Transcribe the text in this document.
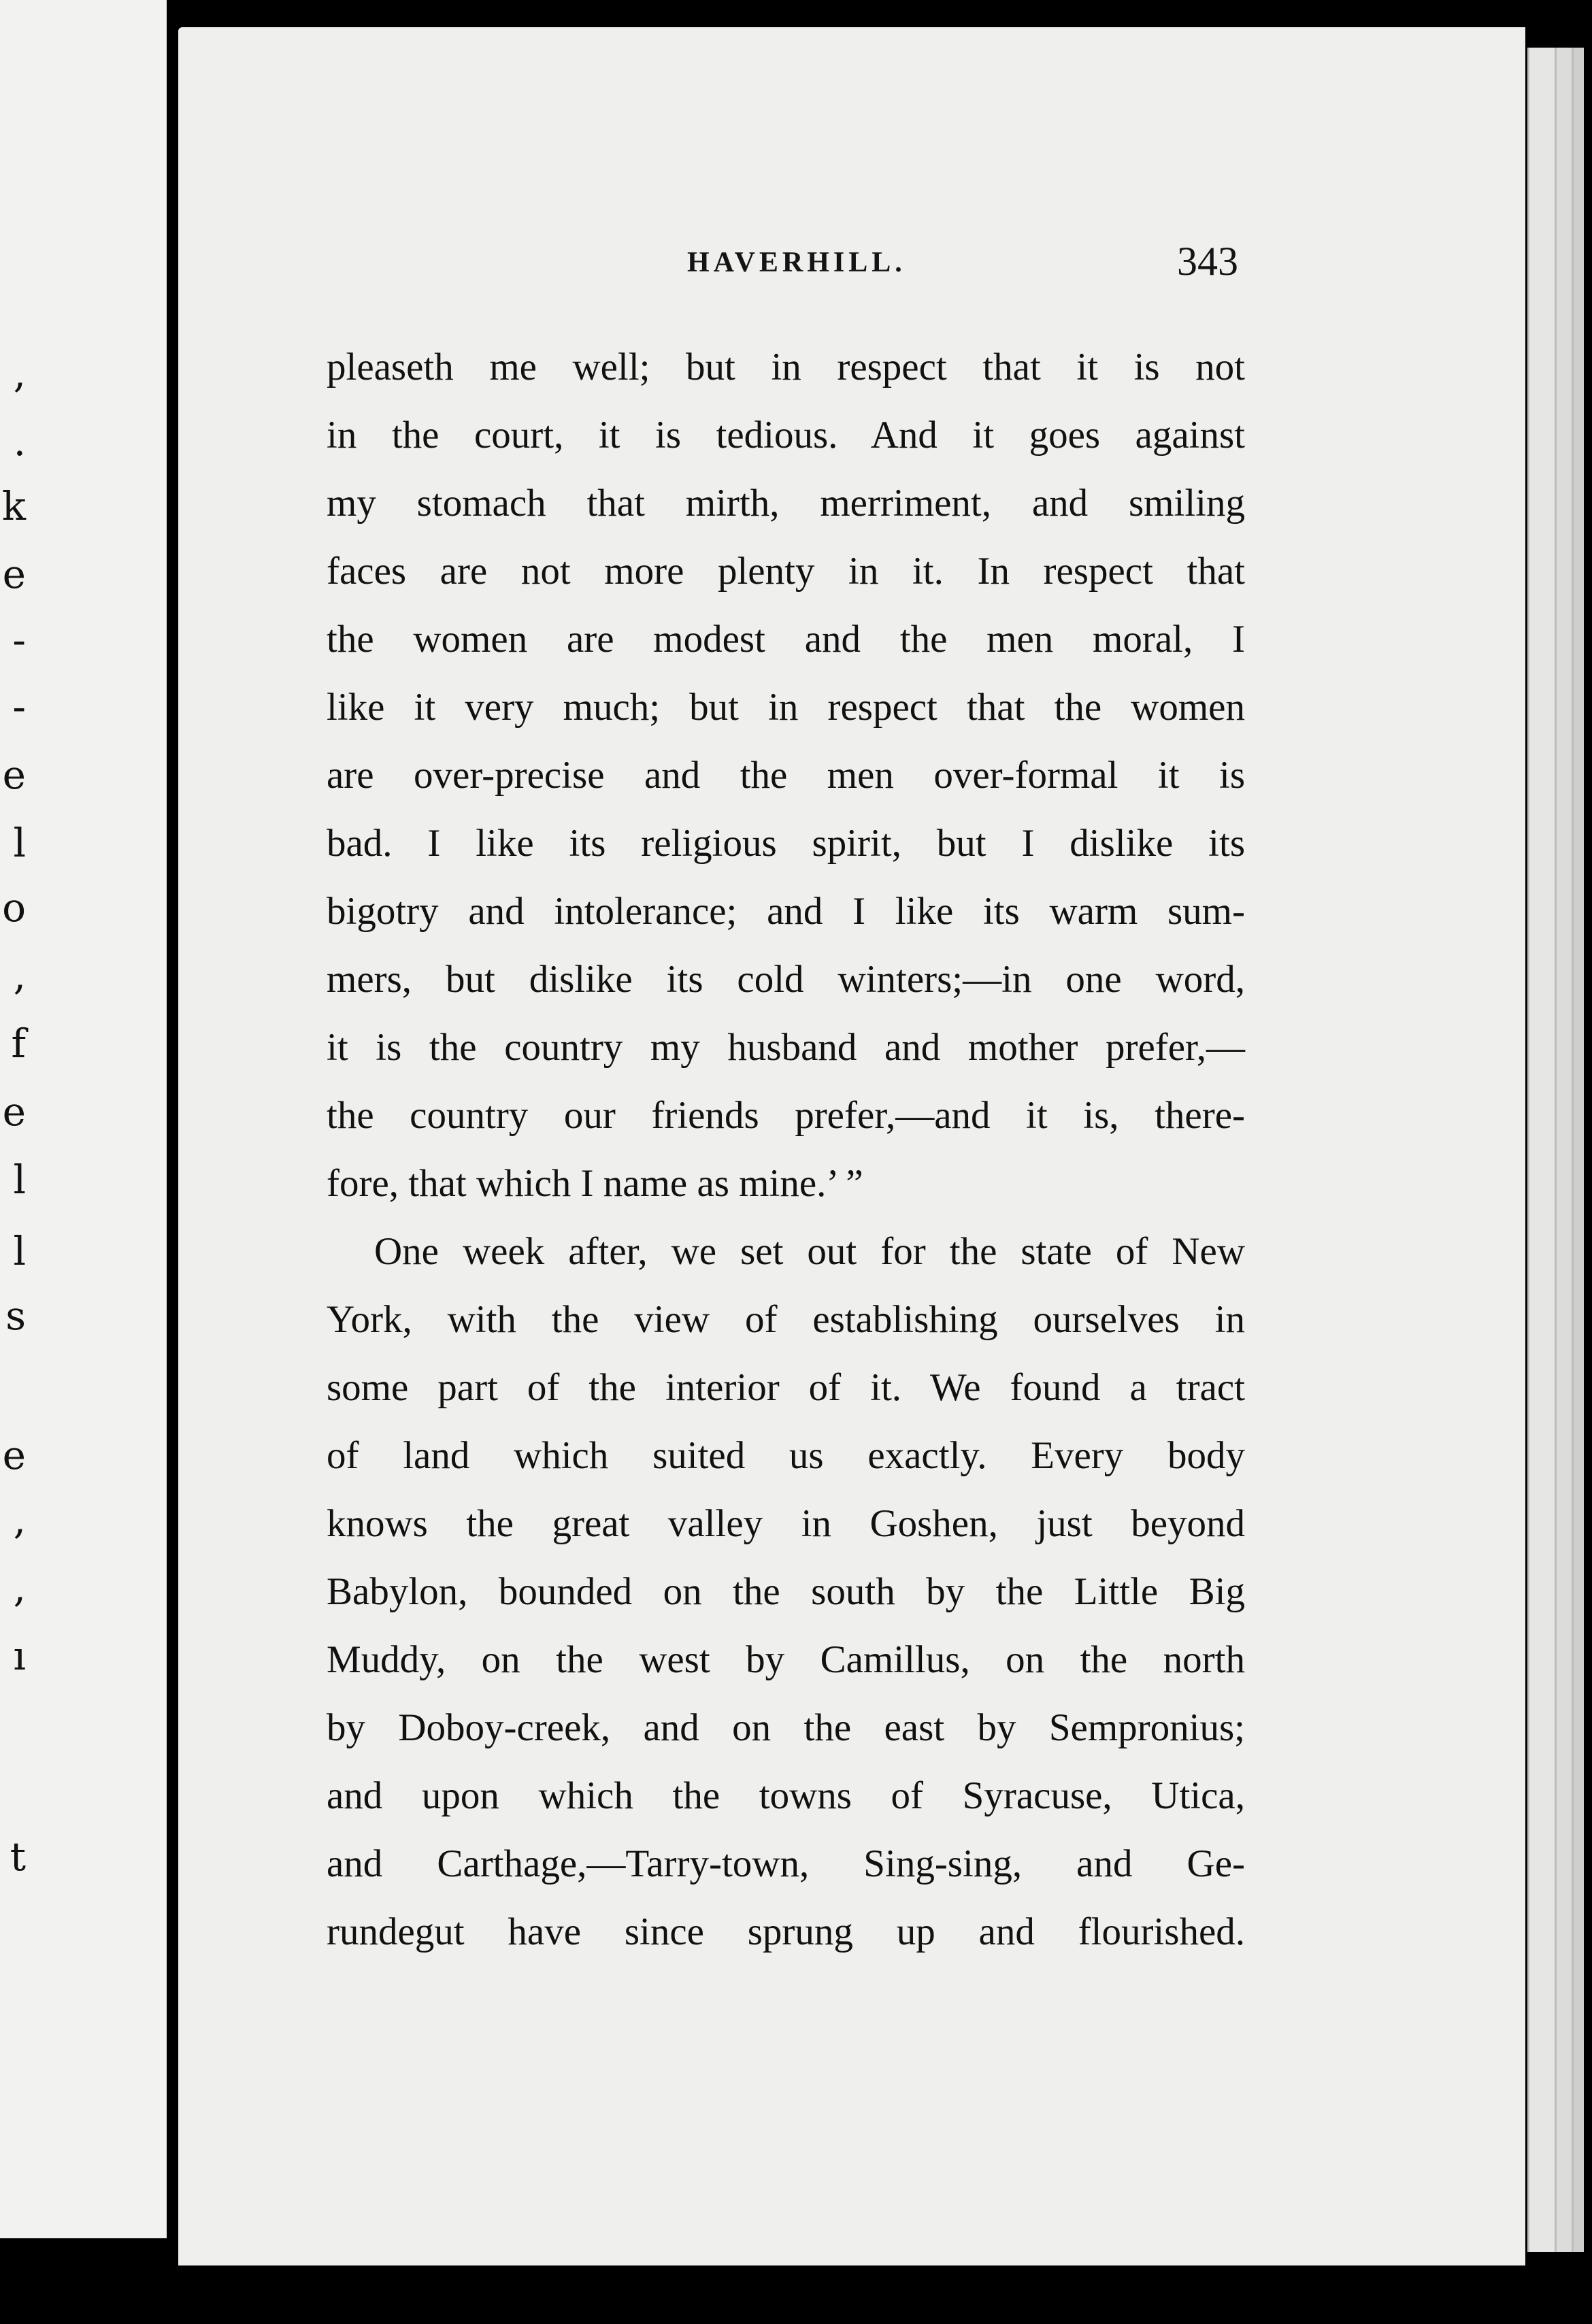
,
.
k
e
-
-
e
l
o
,
f
e
l
l
s
e
,
,
ı
t
HAVERHILL.	343
pleaseth me well; but in respect that it is not
in the court, it is tedious. And it goes against
my stomach that mirth, merriment, and smiling
faces are not more plenty in it. In respect that
the women are modest and the men moral, I
like it very much; but in respect that the women
are over-precise and the men over-formal it is
bad. I like its religious spirit, but I dislike its
bigotry and intolerance; and I like its warm sum-
mers, but dislike its cold winters;—in one word,
it is the country my husband and mother prefer,—
the country our friends prefer,—and it is, there-
fore, that which I name as mine.’ ”
One week after, we set out for the state of New
York, with the view of establishing ourselves in
some part of the interior of it. We found a tract
of land which suited us exactly. Every body
knows the great valley in Goshen, just beyond
Babylon, bounded on the south by the Little Big
Muddy, on the west by Camillus, on the north
by Doboy-creek, and on the east by Sempronius;
and upon which the towns of Syracuse, Utica,
and Carthage,—Tarry-town, Sing-sing, and Ge-
rundegut have since sprung up and flourished.
